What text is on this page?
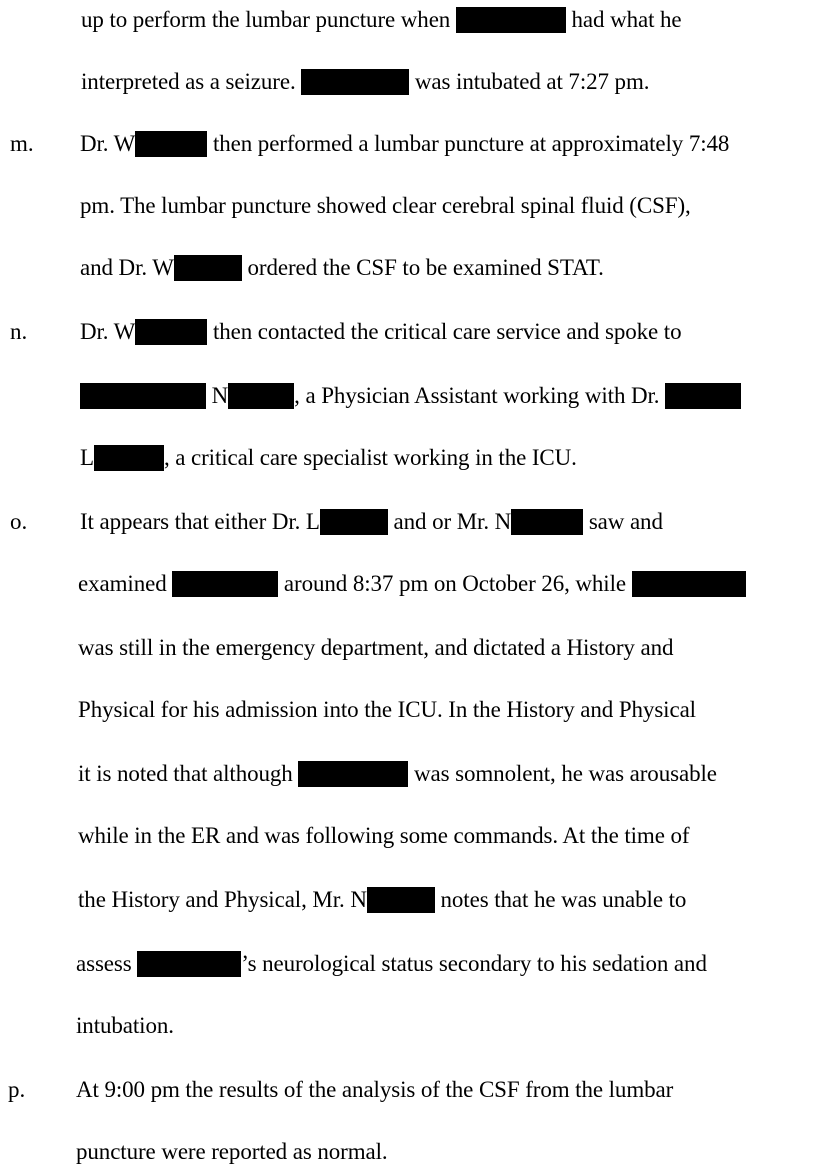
up to perform the lumbar puncture when	had what he
interpreted as a seizure.	was intubated at 7:27 pm.
m. Dr. W	then performed a lumbar puncture at approximately 7:48
pm. The lumbar puncture showed clear cerebral spinal fluid (CSF),
and Dr. W	ordered the CSF to be examined STAT.
n. Dr. W	then contacted the critical care service and spoke to
N	, a Physician Assistant working with Dr.
L	, a critical care specialist working in the ICU.
o. It appears that either Dr. L	and or Mr. N	saw and
examined	around 8:37 pm on October 26, while
was still in the emergency department, and dictated a History and
Physical for his admission into the ICU. In the History and Physical
it is noted that although	was somnolent, he was arousable
while in the ER and was following some commands. At the time of
the History and Physical, Mr. N	notes that he was unable to
assess	’s neurological status secondary to his sedation and
intubation.
p. At 9:00 pm the results of the analysis of the CSF from the lumbar
puncture were reported as normal.
